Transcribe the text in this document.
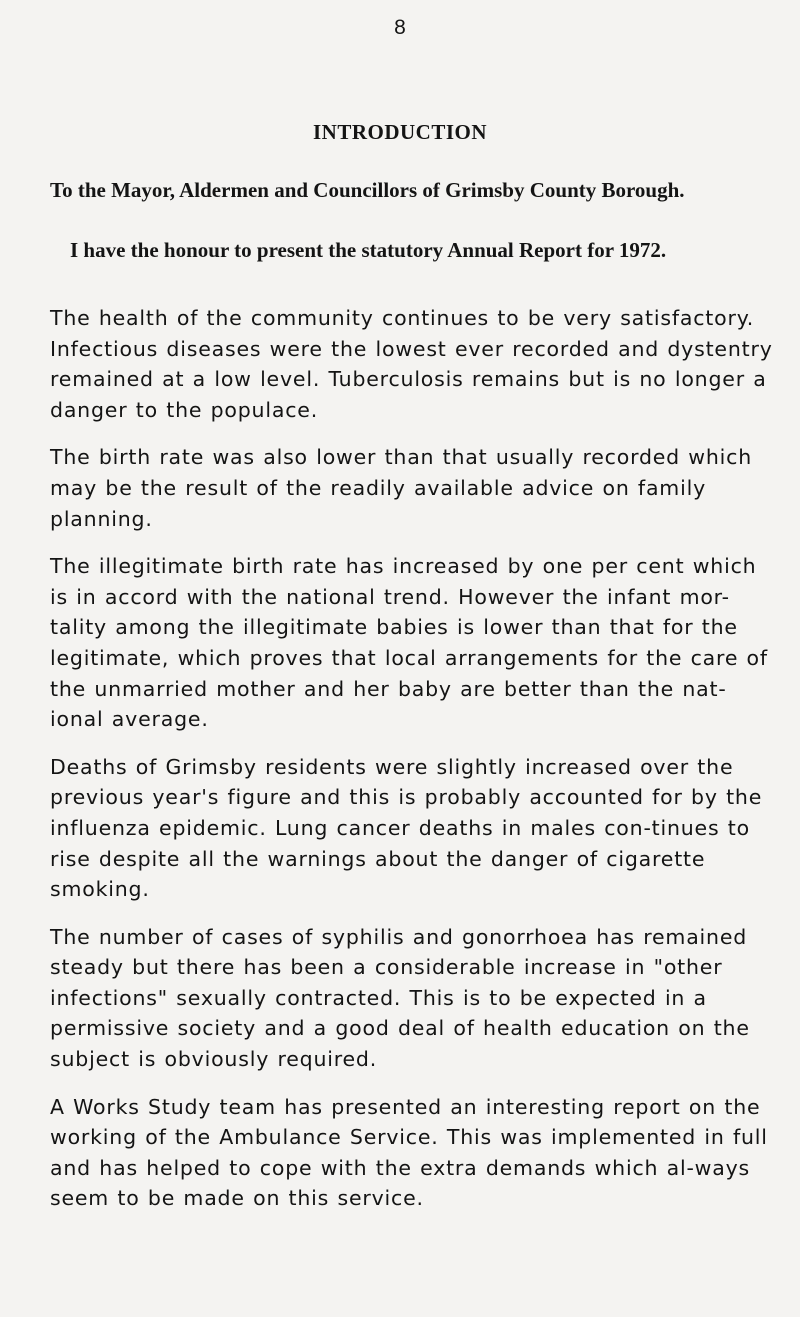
8
INTRODUCTION
To the Mayor, Aldermen and Councillors of Grimsby County Borough.
I have the honour to present the statutory Annual Report for 1972.

The health of the community continues to be very satisfactory. Infectious diseases were the lowest ever recorded and dystentry remained at a low level. Tuberculosis remains but is no longer a danger to the populace.

The birth rate was also lower than that usually recorded which may be the result of the readily available advice on family planning.

The illegitimate birth rate has increased by one per cent which is in accord with the national trend. However the infant mor-tality among the illegitimate babies is lower than that for the legitimate, which proves that local arrangements for the care of the unmarried mother and her baby are better than the nat-ional average.

Deaths of Grimsby residents were slightly increased over the previous year's figure and this is probably accounted for by the influenza epidemic. Lung cancer deaths in males con-tinues to rise despite all the warnings about the danger of cigarette smoking.

The number of cases of syphilis and gonorrhoea has remained steady but there has been a considerable increase in "other infections" sexually contracted. This is to be expected in a permissive society and a good deal of health education on the subject is obviously required.

A Works Study team has presented an interesting report on the working of the Ambulance Service. This was implemented in full and has helped to cope with the extra demands which al-ways seem to be made on this service.
